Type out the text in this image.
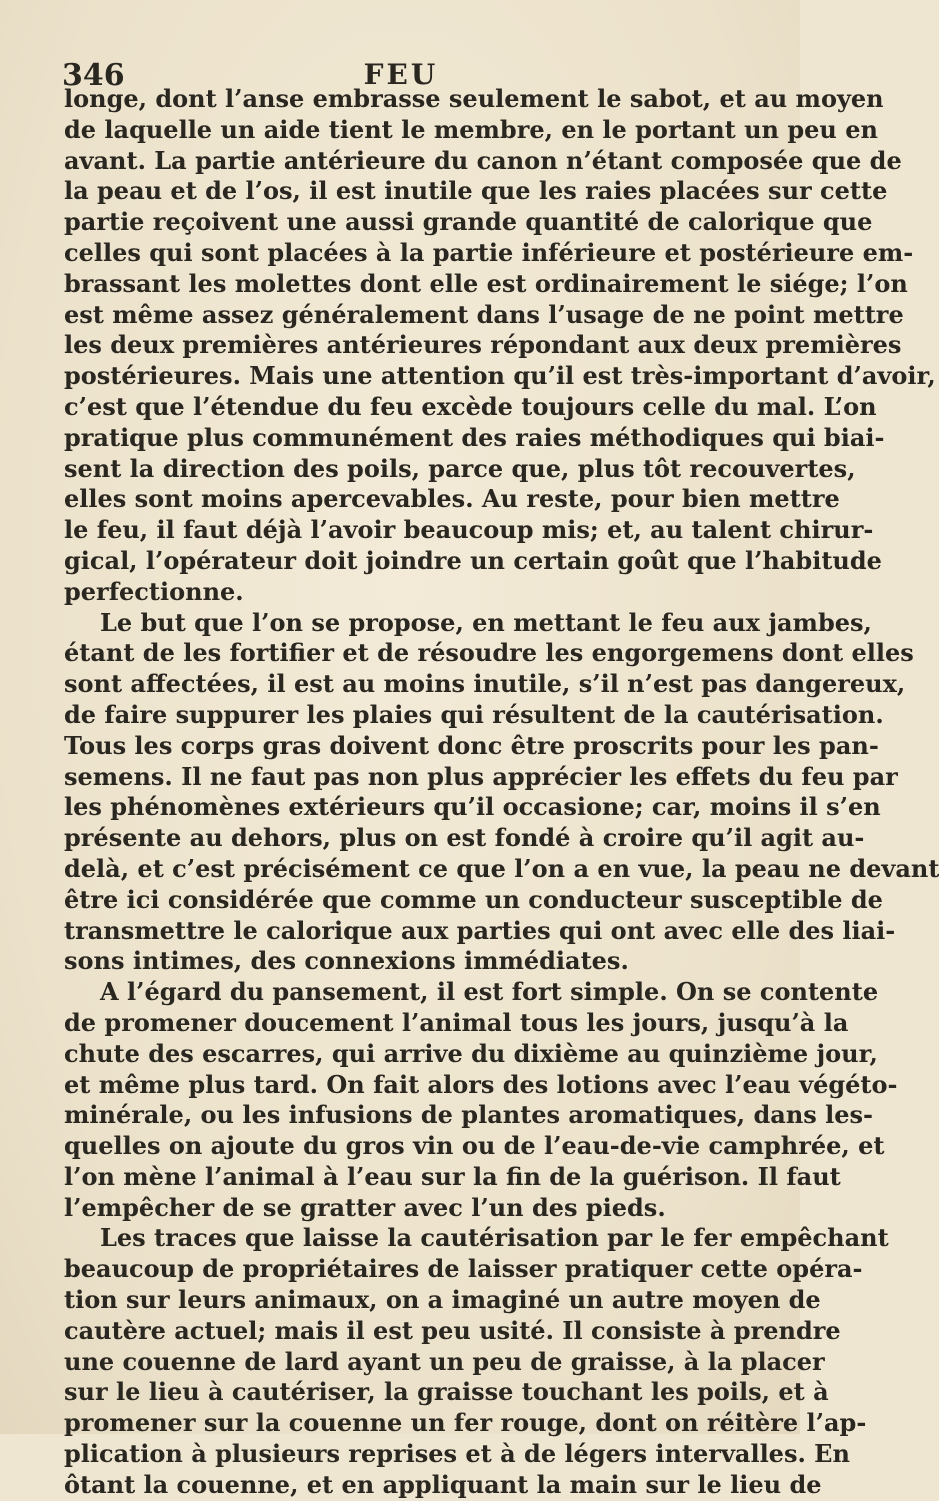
346	FEU
longe, dont l’anse embrasse seulement le sabot, et au moyen
de laquelle un aide tient le membre, en le portant un peu en
avant. La partie antérieure du canon n’étant composée que de
la peau et de l’os, il est inutile que les raies placées sur cette
partie reçoivent une aussi grande quantité de calorique que
celles qui sont placées à la partie inférieure et postérieure em-
brassant les molettes dont elle est ordinairement le siége; l’on
est même assez généralement dans l’usage de ne point mettre
les deux premières antérieures répondant aux deux premières
postérieures. Mais une attention qu’il est très-important d’avoir,
c’est que l’étendue du feu excède toujours celle du mal. L’on
pratique plus communément des raies méthodiques qui biai-
sent la direction des poils, parce que, plus tôt recouvertes,
elles sont moins apercevables. Au reste, pour bien mettre
le feu, il faut déjà l’avoir beaucoup mis; et, au talent chirur-
gical, l’opérateur doit joindre un certain goût que l’habitude
perfectionne.
Le but que l’on se propose, en mettant le feu aux jambes,
étant de les fortifier et de résoudre les engorgemens dont elles
sont affectées, il est au moins inutile, s’il n’est pas dangereux,
de faire suppurer les plaies qui résultent de la cautérisation.
Tous les corps gras doivent donc être proscrits pour les pan-
semens. Il ne faut pas non plus apprécier les effets du feu par
les phénomènes extérieurs qu’il occasione; car, moins il s’en
présente au dehors, plus on est fondé à croire qu’il agit au-
delà, et c’est précisément ce que l’on a en vue, la peau ne devant
être ici considérée que comme un conducteur susceptible de
transmettre le calorique aux parties qui ont avec elle des liai-
sons intimes, des connexions immédiates.
A l’égard du pansement, il est fort simple. On se contente
de promener doucement l’animal tous les jours, jusqu’à la
chute des escarres, qui arrive du dixième au quinzième jour,
et même plus tard. On fait alors des lotions avec l’eau végéto-
minérale, ou les infusions de plantes aromatiques, dans les-
quelles on ajoute du gros vin ou de l’eau-de-vie camphrée, et
l’on mène l’animal à l’eau sur la fin de la guérison. Il faut
l’empêcher de se gratter avec l’un des pieds.
Les traces que laisse la cautérisation par le fer empêchant
beaucoup de propriétaires de laisser pratiquer cette opéra-
tion sur leurs animaux, on a imaginé un autre moyen de
cautère actuel; mais il est peu usité. Il consiste à prendre
une couenne de lard ayant un peu de graisse, à la placer
sur le lieu à cautériser, la graisse touchant les poils, et à
promener sur la couenne un fer rouge, dont on réitère l’ap-
plication à plusieurs reprises et à de légers intervalles. En
ôtant la couenne, et en appliquant la main sur le lieu de
